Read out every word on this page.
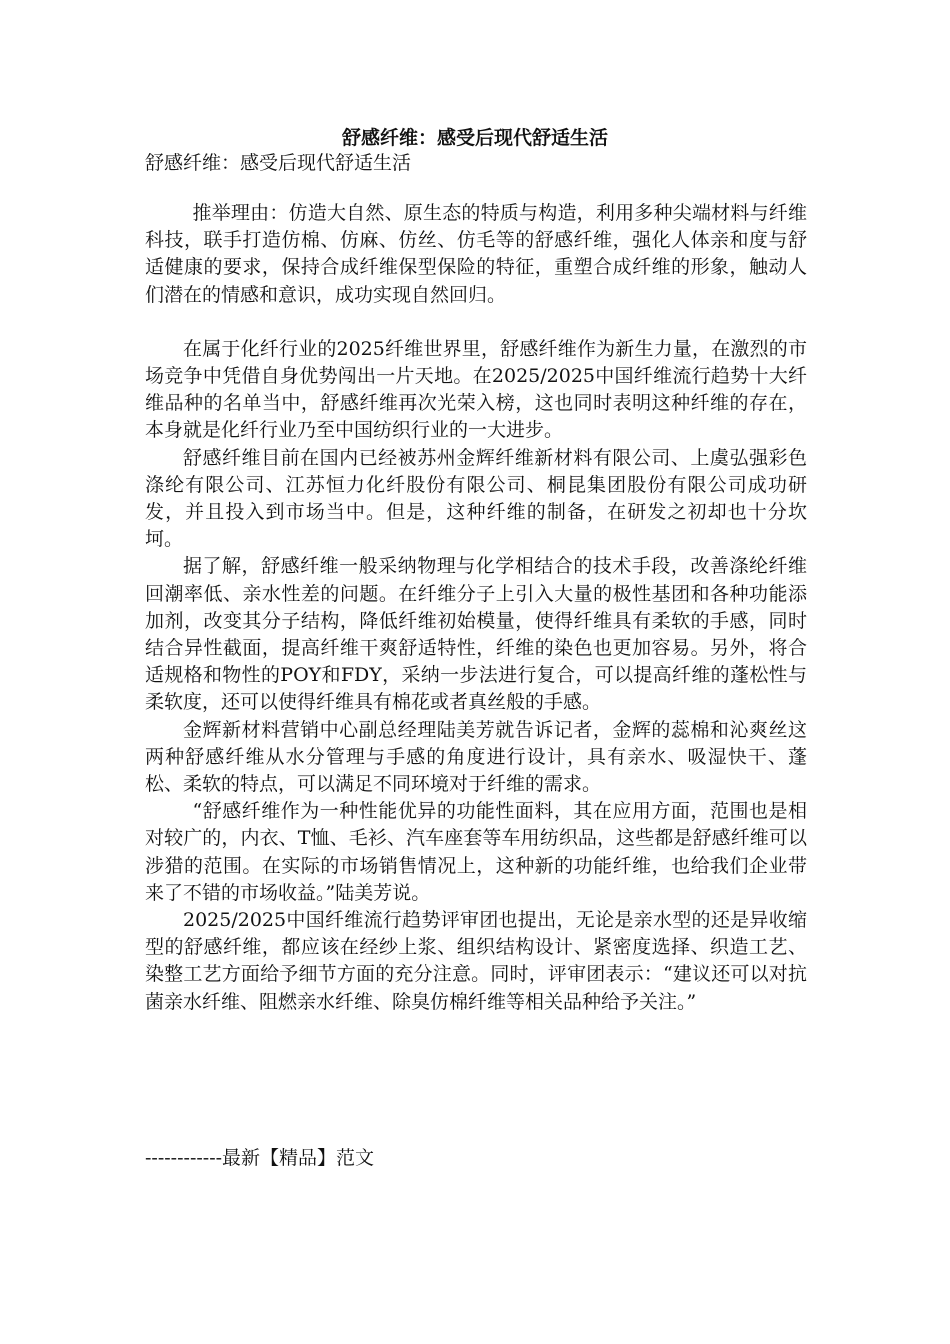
舒感纤维：感受后现代舒适生活

舒感纤维：感受后现代舒适生活

推举理由：仿造大自然、原生态的特质与构造，利用多种尖端材料与纤维科技，联手打造仿棉、仿麻、仿丝、仿毛等的舒感纤维，强化人体亲和度与舒适健康的要求，保持合成纤维保型保险的特征，重塑合成纤维的形象，触动人们潜在的情感和意识，成功实现自然回归。

在属于化纤行业的2025纤维世界里，舒感纤维作为新生力量，在激烈的市场竞争中凭借自身优势闯出一片天地。在2025/2025中国纤维流行趋势十大纤维品种的名单当中，舒感纤维再次光荣入榜，这也同时表明这种纤维的存在，本身就是化纤行业乃至中国纺织行业的一大进步。

舒感纤维目前在国内已经被苏州金辉纤维新材料有限公司、上虞弘强彩色涤纶有限公司、江苏恒力化纤股份有限公司、桐昆集团股份有限公司成功研发，并且投入到市场当中。但是，这种纤维的制备，在研发之初却也十分坎坷。

据了解，舒感纤维一般采纳物理与化学相结合的技术手段，改善涤纶纤维回潮率低、亲水性差的问题。在纤维分子上引入大量的极性基团和各种功能添加剂，改变其分子结构，降低纤维初始模量，使得纤维具有柔软的手感，同时结合异性截面，提高纤维干爽舒适特性，纤维的染色也更加容易。另外，将合适规格和物性的POY和FDY，采纳一步法进行复合，可以提高纤维的蓬松性与柔软度，还可以使得纤维具有棉花或者真丝般的手感。

金辉新材料营销中心副总经理陆美芳就告诉记者，金辉的蕊棉和沁爽丝这两种舒感纤维从水分管理与手感的角度进行设计，具有亲水、吸湿快干、蓬松、柔软的特点，可以满足不同环境对于纤维的需求。

“舒感纤维作为一种性能优异的功能性面料，其在应用方面，范围也是相对较广的，内衣、T恤、毛衫、汽车座套等车用纺织品，这些都是舒感纤维可以涉猎的范围。在实际的市场销售情况上，这种新的功能纤维，也给我们企业带来了不错的市场收益。”陆美芳说。

2025/2025中国纤维流行趋势评审团也提出，无论是亲水型的还是异收缩型的舒感纤维，都应该在经纱上浆、组织结构设计、紧密度选择、织造工艺、染整工艺方面给予细节方面的充分注意。同时，评审团表示：“建议还可以对抗菌亲水纤维、阻燃亲水纤维、除臭仿棉纤维等相关品种给予关注。”

------------最新【精品】范文
